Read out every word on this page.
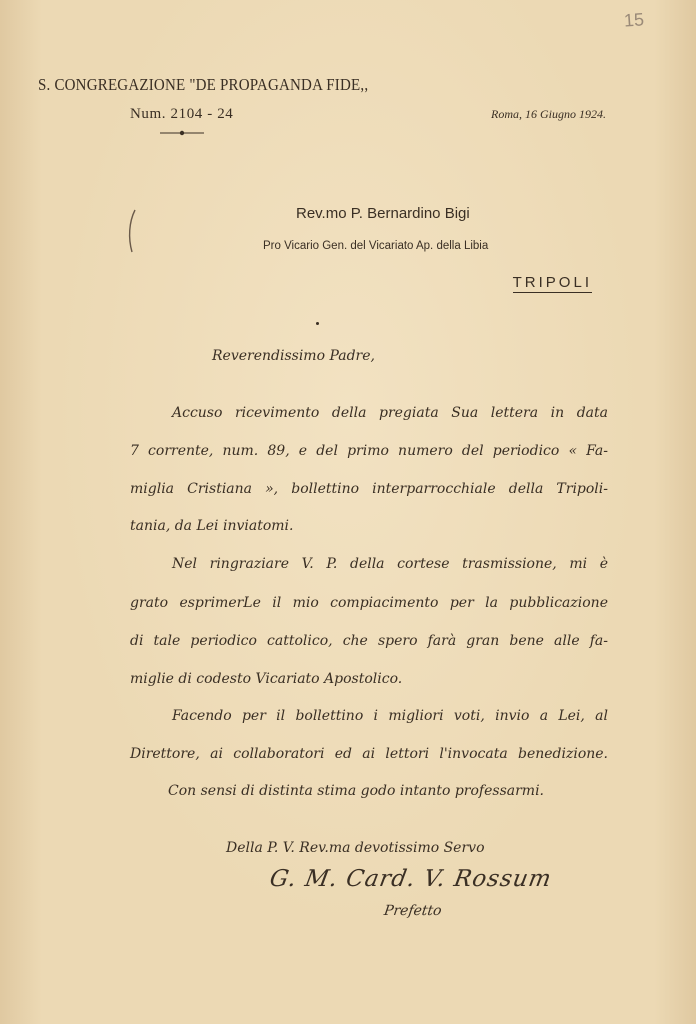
15
S. CONGREGAZIONE "DE PROPAGANDA FIDE,,
Num. 2104 - 24	Roma, 16 Giugno 1924.
Rev.mo P. Bernardino Bigi
Pro Vicario Gen. del Vicariato Ap. della Libia
TRIPOLI
Reverendissimo Padre,
Accuso ricevimento della pregiata Sua lettera in data
7 corrente, num. 89, e del primo numero del periodico « Fa-
miglia Cristiana », bollettino interparrocchiale della Tripoli-
tania, da Lei inviatomi.
Nel ringraziare V. P. della cortese trasmissione, mi è
grato esprimerLe il mio compiacimento per la pubblicazione
di tale periodico cattolico, che spero farà gran bene alle fa-
miglie di codesto Vicariato Apostolico.
Facendo per il bollettino i migliori voti, invio a Lei, al
Direttore, ai collaboratori ed ai lettori l'invocata benedizione.
Con sensi di distinta stima godo intanto professarmi.
Della P. V. Rev.ma devotissimo Servo
G. M. Card. V. Rossum
Prefetto
